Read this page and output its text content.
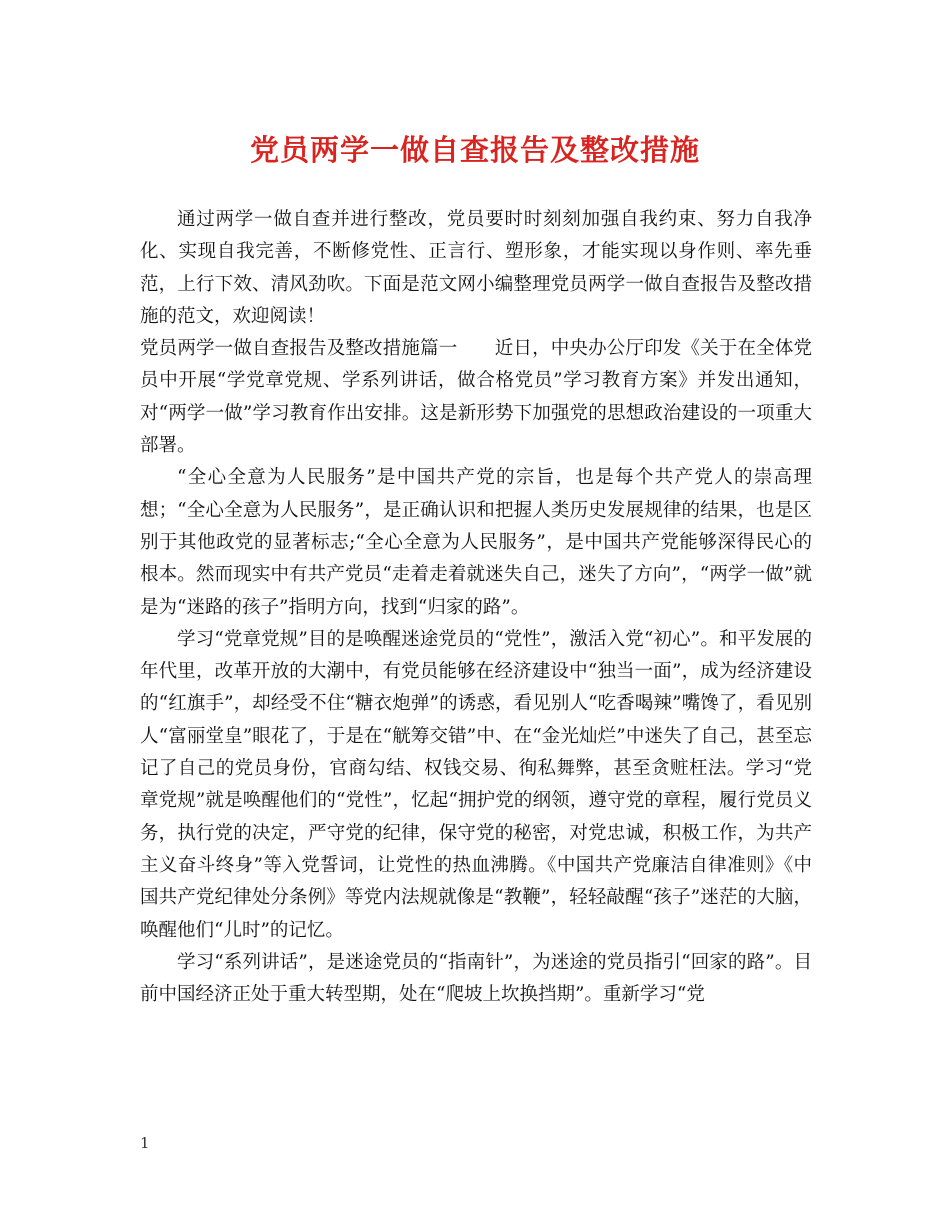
党员两学一做自查报告及整改措施

通过两学一做自查并进行整改，党员要时时刻刻加强自我约束、努力自我净化、实现自我完善，不断修党性、正言行、塑形象，才能实现以身作则、率先垂范，上行下效、清风劲吹。下面是范文网小编整理党员两学一做自查报告及整改措施的范文，欢迎阅读！

党员两学一做自查报告及整改措施篇一　　近日，中央办公厅印发《关于在全体党员中开展“学党章党规、学系列讲话，做合格党员”学习教育方案》并发出通知，对“两学一做”学习教育作出安排。这是新形势下加强党的思想政治建设的一项重大部署。

“全心全意为人民服务”是中国共产党的宗旨，也是每个共产党人的崇高理想；“全心全意为人民服务”，是正确认识和把握人类历史发展规律的结果，也是区别于其他政党的显著标志;“全心全意为人民服务”，是中国共产党能够深得民心的根本。然而现实中有共产党员“走着走着就迷失自己，迷失了方向”，“两学一做”就是为“迷路的孩子”指明方向，找到“归家的路”。

学习“党章党规”目的是唤醒迷途党员的“党性”，激活入党“初心”。和平发展的年代里，改革开放的大潮中，有党员能够在经济建设中“独当一面”，成为经济建设的“红旗手”，却经受不住“糖衣炮弹”的诱惑，看见别人“吃香喝辣”嘴馋了，看见别人“富丽堂皇”眼花了，于是在“觥筹交错”中、在“金光灿烂”中迷失了自己，甚至忘记了自己的党员身份，官商勾结、权钱交易、徇私舞弊，甚至贪赃枉法。学习“党章党规”就是唤醒他们的“党性”，忆起“拥护党的纲领，遵守党的章程，履行党员义务，执行党的决定，严守党的纪律，保守党的秘密，对党忠诚，积极工作，为共产主义奋斗终身”等入党誓词，让党性的热血沸腾。《中国共产党廉洁自律准则》《中国共产党纪律处分条例》等党内法规就像是“教鞭”，轻轻敲醒“孩子”迷茫的大脑，唤醒他们“儿时”的记忆。

学习“系列讲话”，是迷途党员的“指南针”，为迷途的党员指引“回家的路”。目前中国经济正处于重大转型期，处在“爬坡上坎换挡期”。重新学习“党

1
